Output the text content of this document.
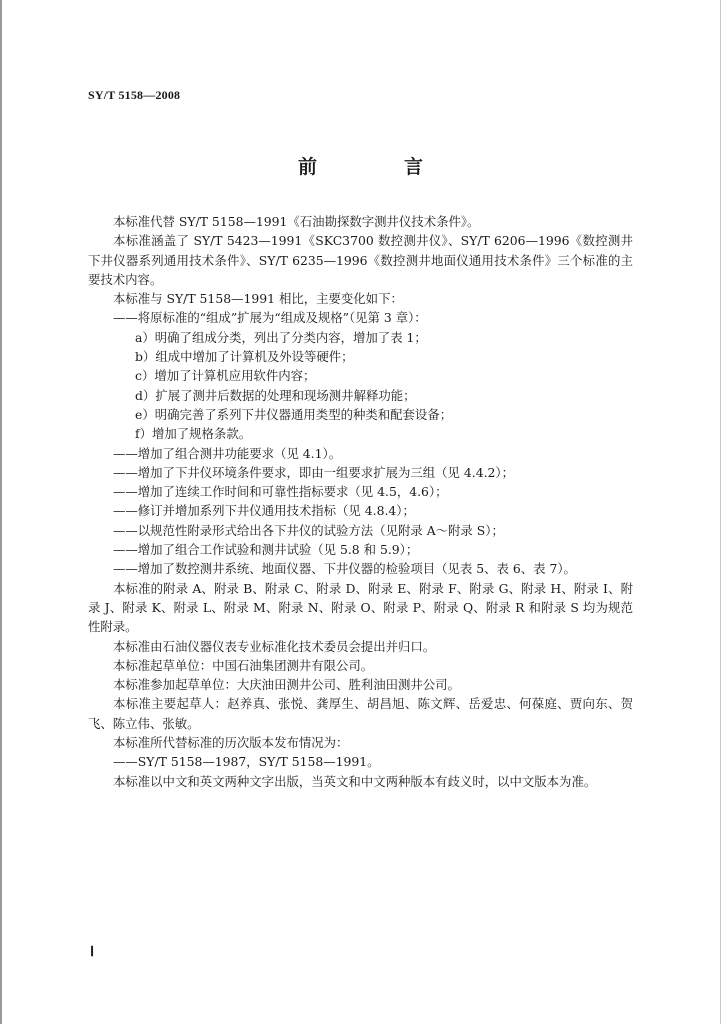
SY/T 5158—2008
前　言

本标准代替 SY/T 5158—1991《石油勘探数字测井仪技术条件》。

本标准涵盖了 SY/T 5423—1991《SKC3700 数控测井仪》、SY/T 6206—1996《数控测井下井仪器系列通用技术条件》、SY/T 6235—1996《数控测井地面仪通用技术条件》三个标准的主要技术内容。

本标准与 SY/T 5158—1991 相比，主要变化如下：

——将原标准的“组成”扩展为“组成及规格”（见第 3 章）：

a）明确了组成分类，列出了分类内容，增加了表 1；

b）组成中增加了计算机及外设等硬件；

c）增加了计算机应用软件内容；

d）扩展了测井后数据的处理和现场测井解释功能；

e）明确完善了系列下井仪器通用类型的种类和配套设备；

f）增加了规格条款。

——增加了组合测井功能要求（见 4.1）。

——增加了下井仪环境条件要求，即由一组要求扩展为三组（见 4.4.2）；

——增加了连续工作时间和可靠性指标要求（见 4.5，4.6）；

——修订并增加系列下井仪通用技术指标（见 4.8.4）；

——以规范性附录形式给出各下井仪的试验方法（见附录 A～附录 S）；

——增加了组合工作试验和测井试验（见 5.8 和 5.9）；

——增加了数控测井系统、地面仪器、下井仪器的检验项目（见表 5、表 6、表 7）。

本标准的附录 A、附录 B、附录 C、附录 D、附录 E、附录 F、附录 G、附录 H、附录 I、附录 J、附录 K、附录 L、附录 M、附录 N、附录 O、附录 P、附录 Q、附录 R 和附录 S 均为规范性附录。

本标准由石油仪器仪表专业标准化技术委员会提出并归口。

本标准起草单位：中国石油集团测井有限公司。

本标准参加起草单位：大庆油田测井公司、胜利油田测井公司。

本标准主要起草人：赵养真、张悦、龚厚生、胡昌旭、陈文辉、岳爱忠、何葆庭、贾向东、贺飞、陈立伟、张敏。

本标准所代替标准的历次版本发布情况为：

——SY/T 5158—1987，SY/T 5158—1991。

本标准以中文和英文两种文字出版，当英文和中文两种版本有歧义时，以中文版本为准。

Ⅰ
